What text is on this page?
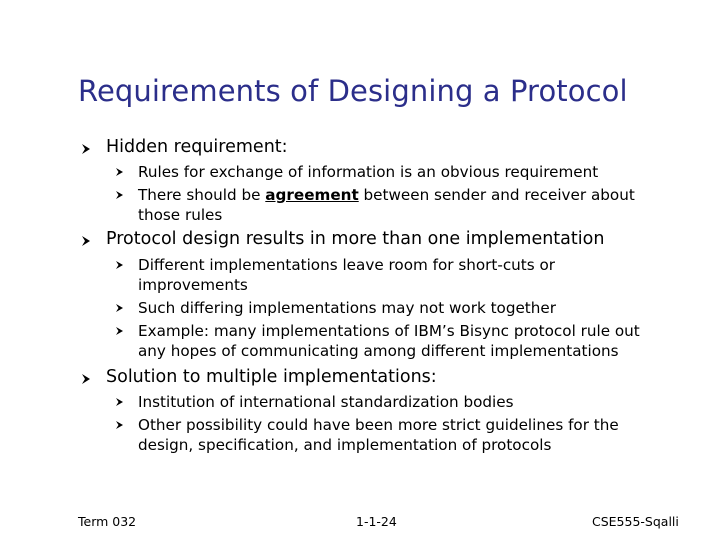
Requirements of Designing a Protocol
Hidden requirement:
Rules for exchange of information is an obvious requirement
There should be agreement between sender and receiver about
those rules
Protocol design results in more than one implementation
Different implementations leave room for short-cuts or
improvements
Such differing implementations may not work together
Example: many implementations of IBM’s Bisync protocol rule out
any hopes of communicating among different implementations
Solution to multiple implementations:
Institution of international standardization bodies
Other possibility could have been more strict guidelines for the
design, specification, and implementation of protocols
Term 032	1-1-24	CSE555-Sqalli
